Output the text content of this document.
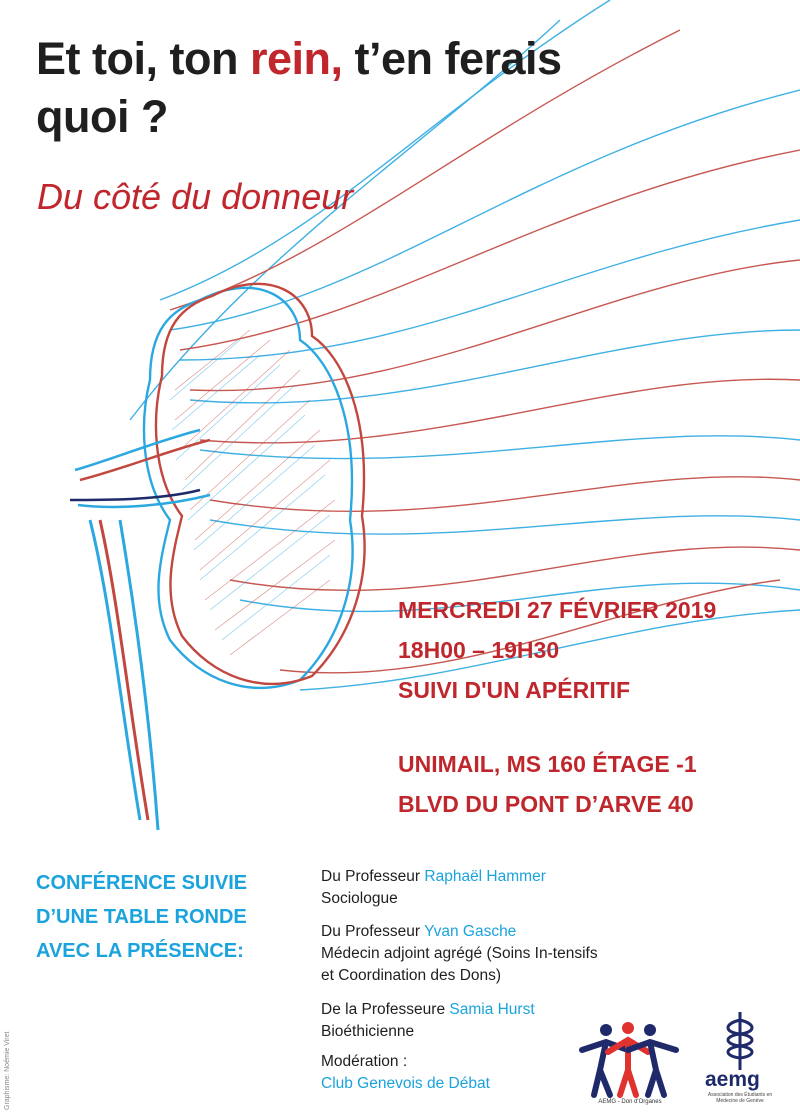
Et toi, ton rein, t’en ferais quoi ?
Du côté du donneur
MERCREDI 27 FÉVRIER 2019
18H00 – 19H30
SUIVI D'UN APÉRITIF
UNIMAIL, MS 160 ÉTAGE -1
BLVD DU PONT D’ARVE 40
CONFÉRENCE SUIVIE
D’UNE TABLE RONDE
AVEC LA PRÉSENCE:
Du Professeur Raphaël Hammer
Sociologue
Du Professeur Yvan Gasche
Médecin adjoint agrégé (Soins In-tensifs et Coordination des Dons)
De la Professeure Samia Hurst
Bioéthicienne
Modération :
Club Genevois de Débat
Graphisme: Noémie Viret	AEMG - Don d'Organes
aemg
Association des Étudiants en Médecine de Genève
